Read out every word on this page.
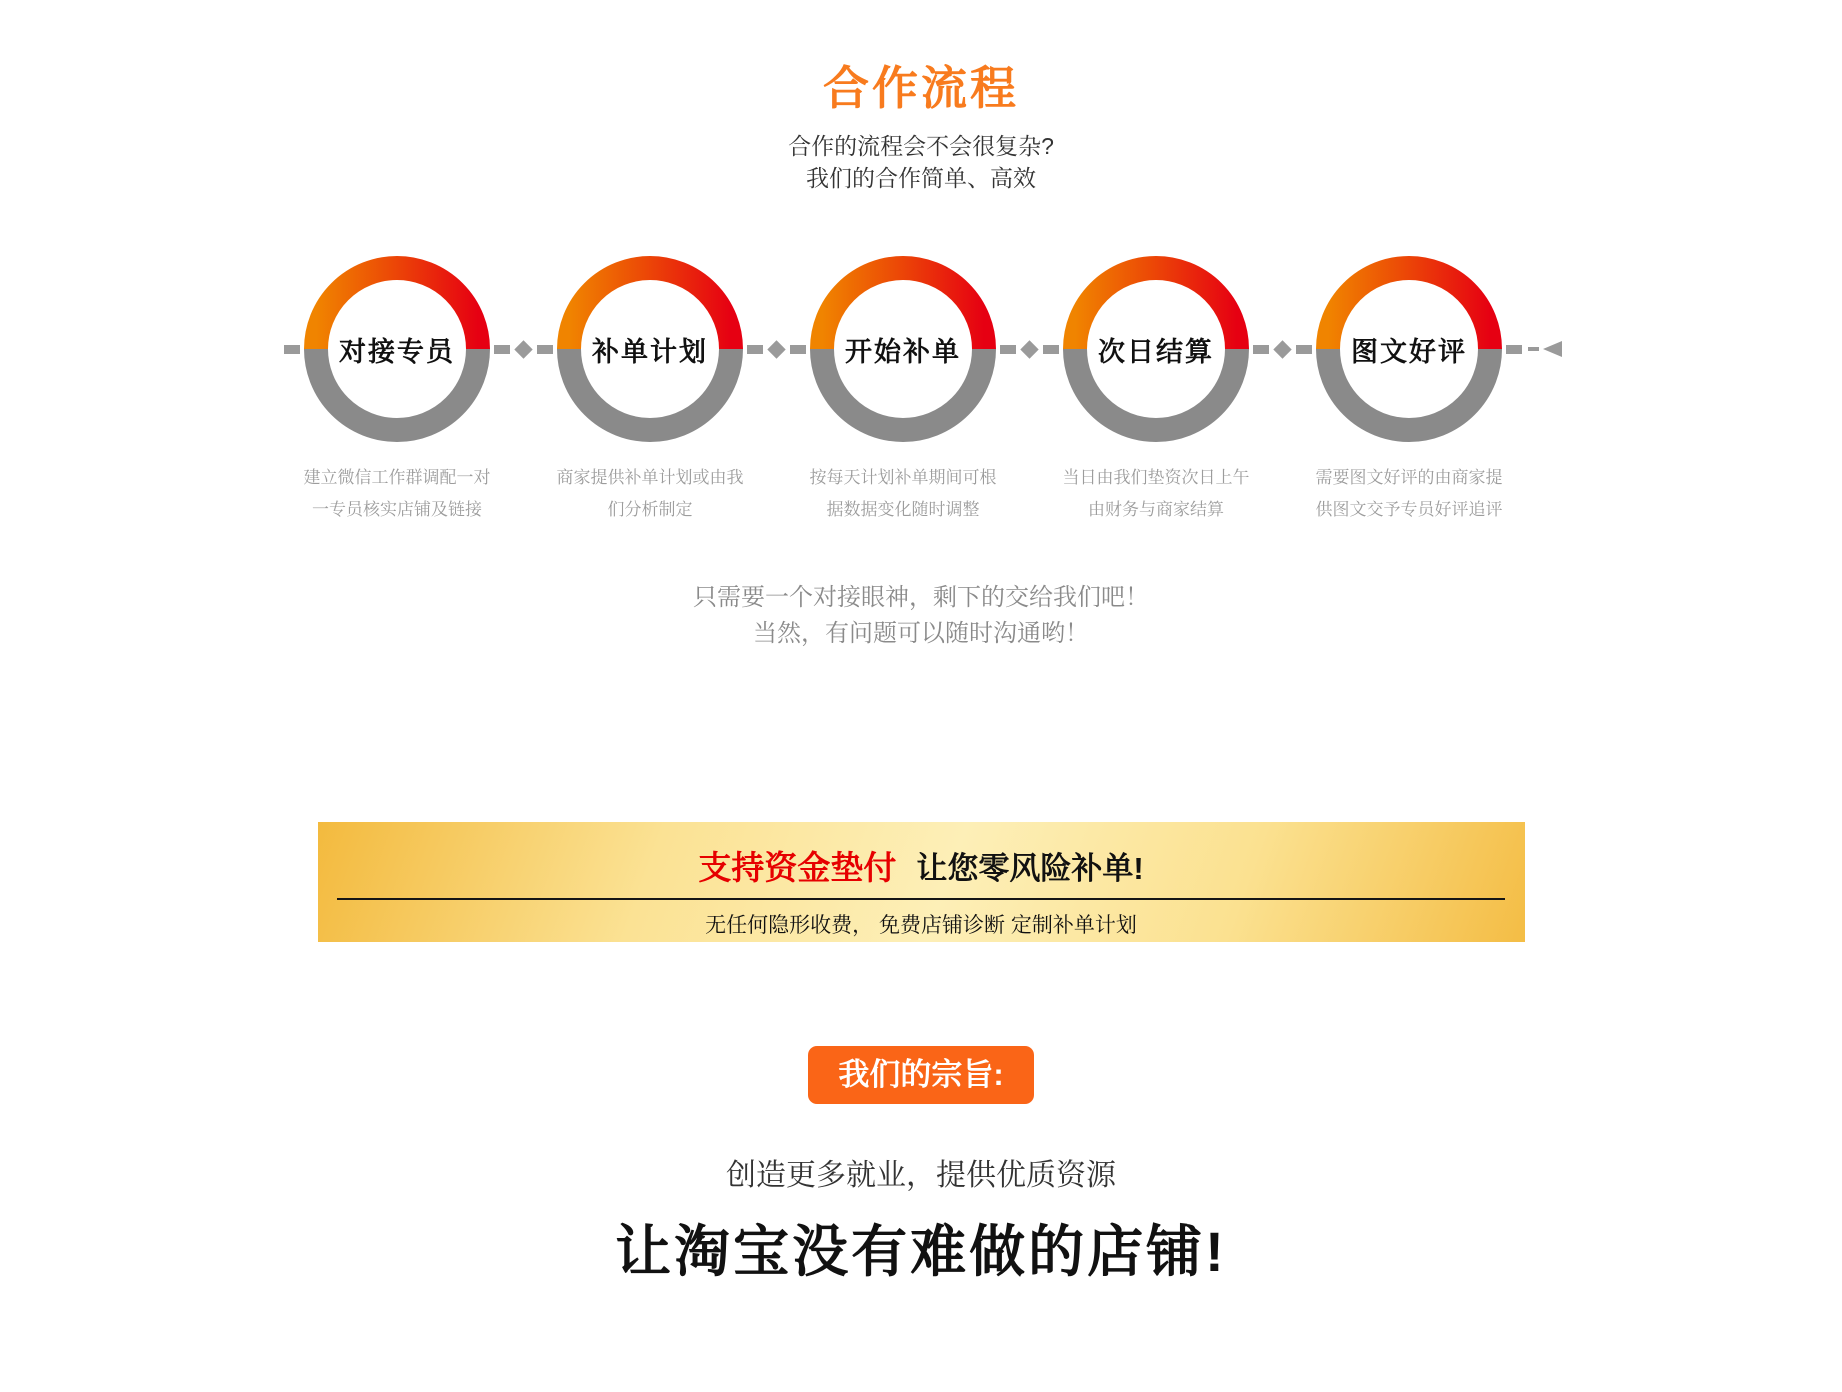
合作流程
合作的流程会不会很复杂?
我们的合作简单、高效
对接专员
建立微信工作群调配一对
一专员核实店铺及链接
补单计划
商家提供补单计划或由我
们分析制定
开始补单
按每天计划补单期间可根
据数据变化随时调整
次日结算
当日由我们垫资次日上午
由财务与商家结算
图文好评
需要图文好评的由商家提
供图文交予专员好评追评
只需要一个对接眼神，剩下的交给我们吧！
当然，有问题可以随时沟通哟！
支持资金垫付 让您零风险补单!
无任何隐形收费， 免费店铺诊断 定制补单计划
我们的宗旨:
创造更多就业，提供优质资源
让淘宝没有难做的店铺!
